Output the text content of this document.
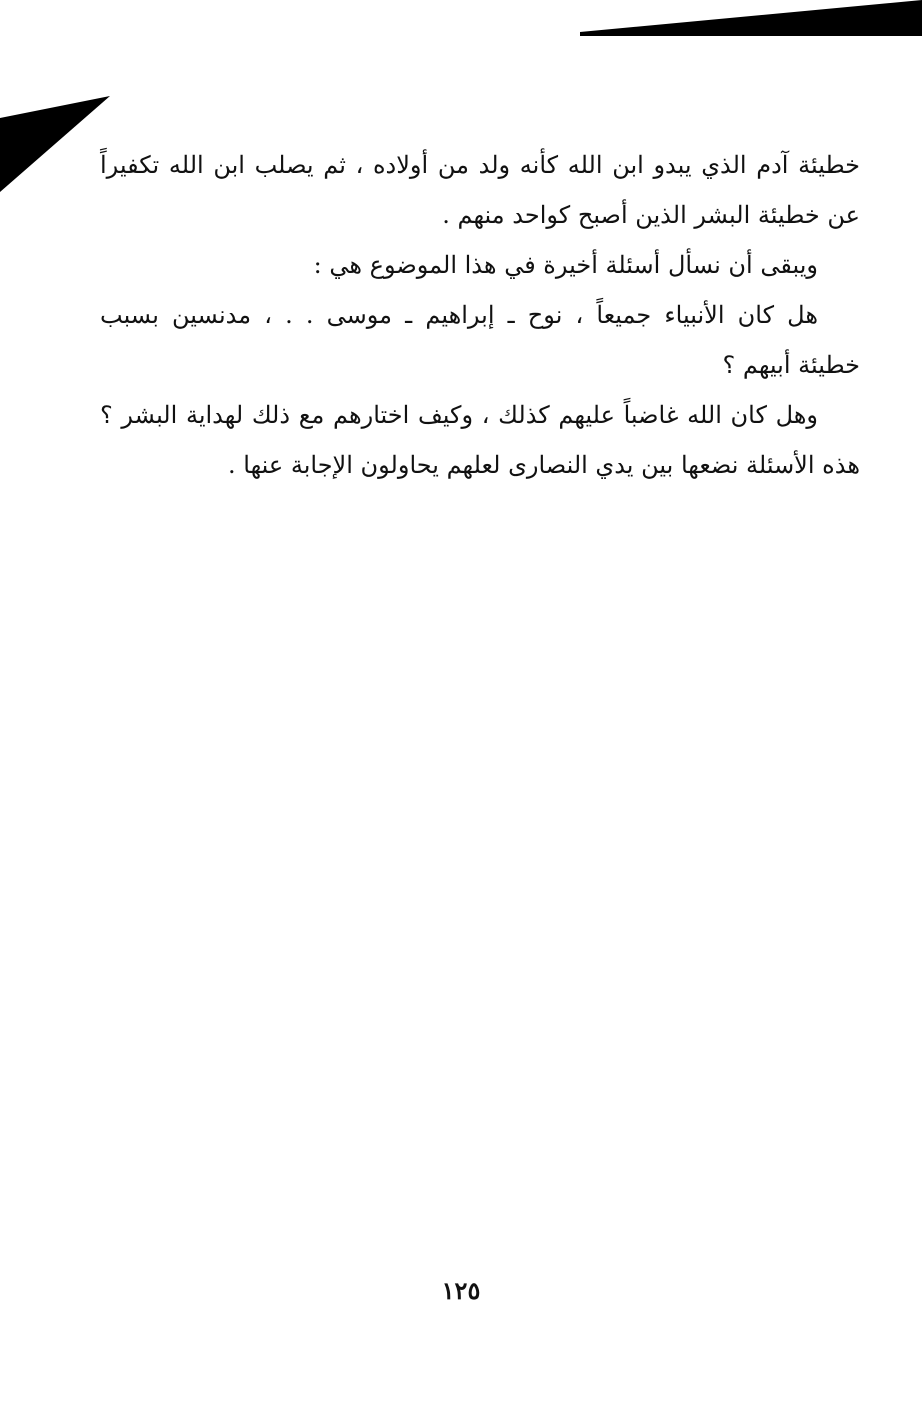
خطيئة آدم الذي يبدو ابن الله كأنه ولد من أولاده ، ثم يصلب ابن الله تكفيراً
عن خطيئة البشر الذين أصبح كواحد منهم .
ويبقى أن نسأل أسئلة أخيرة في هذا الموضوع هي :
هل كان الأنبياء جميعاً ، نوح ـ إبراهيم ـ موسى . . ، مدنسين بسبب
خطيئة أبيهم ؟
وهل كان الله غاضباً عليهم كذلك ، وكيف اختارهم مع ذلك لهداية البشر ؟
هذه الأسئلة نضعها بين يدي النصارى لعلهم يحاولون الإجابة عنها .
١٢٥
